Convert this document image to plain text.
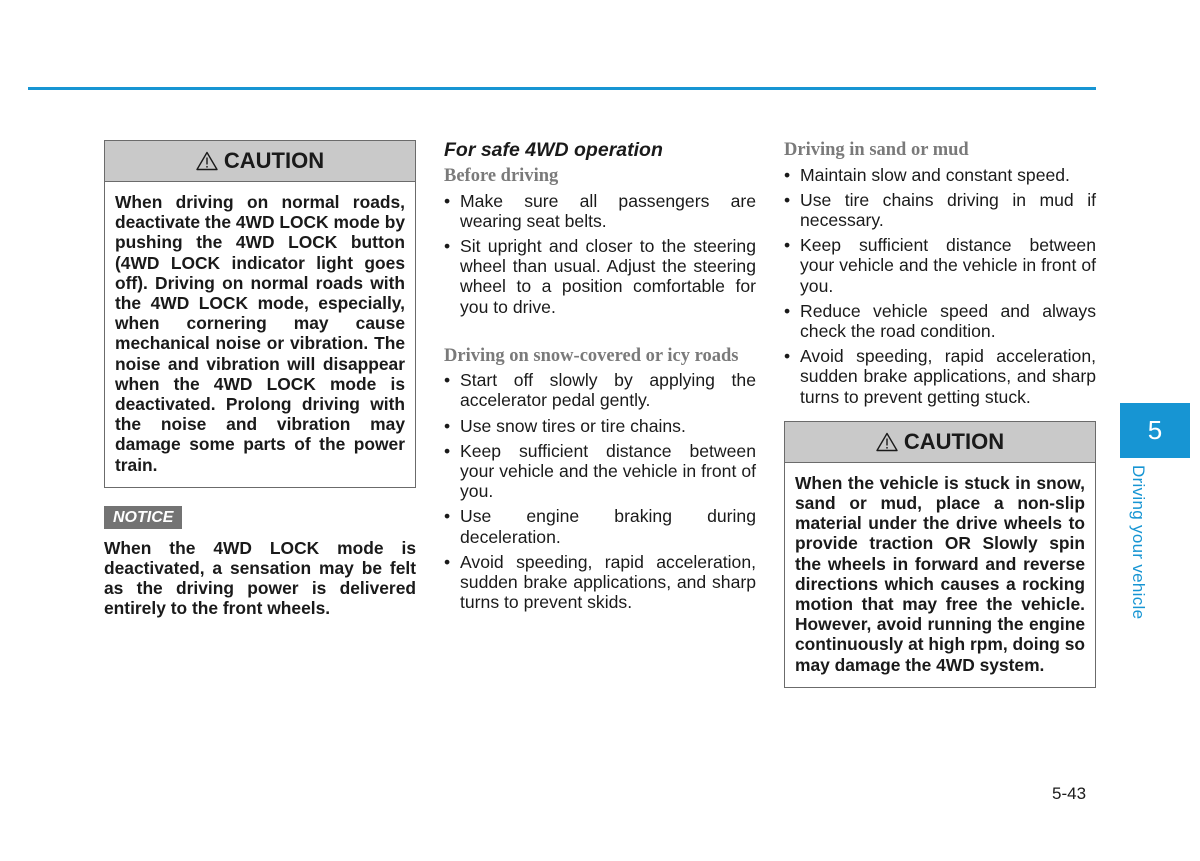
CAUTION
When driving on normal roads, deactivate the 4WD LOCK mode by pushing the 4WD LOCK button (4WD LOCK indicator light goes off). Driving on normal roads with the 4WD LOCK mode, especially, when cornering may cause mechanical noise or vibration. The noise and vibration will disappear when the 4WD LOCK mode is deactivated. Prolong driving with the noise and vibration may damage some parts of the power train.
NOTICE
When the 4WD LOCK mode is deactivated, a sensation may be felt as the driving power is delivered entirely to the front wheels.
For safe 4WD operation
Before driving
• Make sure all passengers are wearing seat belts.
• Sit upright and closer to the steering wheel than usual. Adjust the steering wheel to a position comfortable for you to drive.
Driving on snow-covered or icy roads
• Start off slowly by applying the accelerator pedal gently.
• Use snow tires or tire chains.
• Keep sufficient distance between your vehicle and the vehicle in front of you.
• Use engine braking during deceleration.
• Avoid speeding, rapid acceleration, sudden brake applications, and sharp turns to prevent skids.
Driving in sand or mud
• Maintain slow and constant speed.
• Use tire chains driving in mud if necessary.
• Keep sufficient distance between your vehicle and the vehicle in front of you.
• Reduce vehicle speed and always check the road condition.
• Avoid speeding, rapid acceleration, sudden brake applications, and sharp turns to prevent getting stuck.
CAUTION
When the vehicle is stuck in snow, sand or mud, place a non-slip material under the drive wheels to provide traction OR Slowly spin the wheels in forward and reverse directions which causes a rocking motion that may free the vehicle. However, avoid running the engine continuously at high rpm, doing so may damage the 4WD system.
5
Driving your vehicle
5-43
